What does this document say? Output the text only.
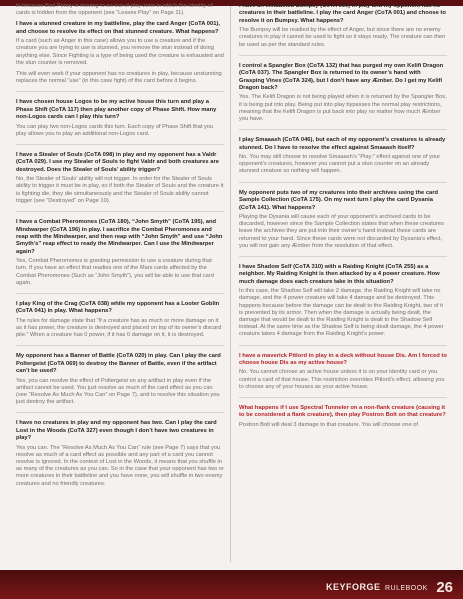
in because Bad Penny is moving to an out-of-play zone in which the identity of cards is hidden from the opponent (see “Leaves Play” on Page 11).
I have a stunned creature in my battleline, play the card Anger (CoTA 001), and choose to resolve its effect on that stunned creature. What happens?
If a card (such as Anger in this case) allows you to use a creature and if the creature you are trying to use is stunned, you remove the stun instead of doing anything else. Since Fighting is a type of being used the creature is exhausted and the stun counter is removed.
This will even work if your opponent has no creatures in play, because unstunning replaces the normal “use” (in this case fight) of the card before it begins.
I have chosen house Logos to be my active house this turn and play a Phase Shift (CoTA 117) then play another copy of Phase Shift. How many non-Logos cards can I play this turn?
You can play two non-Logos cards this turn. Each copy of Phase Shift that you play allows you to play an additional non-Logos card.
I have a Stealer of Souls (CoTA 098) in play and my opponent has a Valdr (CoTA 029). I use my Stealer of Souls to fight Valdr and both creatures are destroyed. Does the Stealer of Souls’ ability trigger?
No, the Stealer of Souls’ ability will not trigger. In order for the Stealer of Souls ability to trigger it must be in play, so if both the Stealer of Souls and the creature it is fighting die, they die simultaneously and the Stealer of Souls ability cannot trigger (see “Destroyed” on Page 10).
I have a Combat Pheromones (CoTA 180), “John Smyth” (CoTA 195), and Mindwarper (CoTA 196) in play. I sacrifice the Combat Pheromones and reap with the Mindwarper, and then reap with “John Smyth” and use “John Smyth’s” reap effect to ready the Mindwarper. Can I use the Mindwarper again?
Yes, Combat Pheromones is granting permission to use a creature during that turn. If you have an effect that readies one of the Mars cards affected by the Combat Pheromones (Such as “John Smyth”), you will be able to use that card again.
I play King of the Crag (CoTA 038) while my opponent has a Looter Goblin (CoTA 041) in play. What happens?
The rules for damage state that “If a creature has as much or more damage on it as it has power, the creature is destroyed and placed on top of its owner’s discard pile.” When a creature has 0 power, if it has 0 damage on it, it is destroyed.
My opponent has a Banner of Battle (CoTA 020) in play. Can I play the card Poltergeist (CoTA 069) to destroy the Banner of Battle, even if the artifact can’t be used?
Yes, you can resolve the effect of Poltergeist on any artifact in play even if the artifact cannot be used. You just resolve as much of the card effect as you can (see “Resolve As Much As You Can” on Page 7), and to resolve this situation you just destroy the artifact.
I have no creatures in play and my opponent has two. Can I play the card Lost in the Woods (CoTA 327) even though I don’t have two creatures in play?
Yes you can. The “Resolve As Much As You Can” rule (see Page 7) says that you resolve as much of a card effect as possible and any part of a card you cannot resolve is ignored. In the context of Lost in the Woods, it means that you shuffle in as many of the creatures as you can. So in the case that your opponent has two or more creatures in their battleline and you have none, you will shuffle in two enemy creatures and no friendly creatures.
I have an exhausted Bumpsy (CoTA 030) in play and my opponent has no creatures in their battleline. I play the card Anger (CoTA 001) and choose to resolve it on Bumpsy. What happens?
The Bumpsy will be readied by the effect of Anger, but since there are no enemy creatures in play it cannot be used to fight so it stays ready. The creature can then be used as per the standard rules.
I control a Spangler Box (CoTA 132) that has purged my own Kelifi Dragon (CoTA 037). The Spangler Box is returned to its owner’s hand with Grasping Vines (CoTA 324), but I don’t have any Æmber. Do I get my Kelifi Dragon back?
Yes. The Kelifi Dragon is not being played when it is returned by the Spangler Box, it is being put into play. Being put into play bypasses the normal play restrictions, meaning that the Kelifi Dragon is put back into play no matter how much Æmber you have.
I play Smaaash (CoTA 046), but each of my opponent’s creatures is already stunned. Do I have to resolve the effect against Smaaash itself?
No. You may still choose to resolve Smaaash’s “Play:” effect against one of your opponent’s creatures, however you cannot put a stun counter on an already stunned creature so nothing will happen.
My opponent puts two of my creatures into their archives using the card Sample Collection (CoTA 175). On my next turn I play the card Dysania (CoTA 141). What happens?
Playing the Dysania will cause each of your opponent’s archived cards to be discarded, however since the Sample Collection states that when these creatures leave the archives they are put into their owner’s hand instead these cards are returned to your hand. Since these cards were not discarded by Dysania’s effect, you will not gain any Æmber from the resolution of that effect.
I have Shadow Self (CoTA 310) with a Raiding Knight (CoTA 255) as a neighbor. My Raiding Knight is then attacked by a 4 power creature. How much damage does each creature take in this situation?
In this case, the Shadow Self will take 2 damage, the Raiding Knight will take no damage, and the 4 power creature will take 4 damage and be destroyed. This happens because before the damage can be dealt to the Raiding Knight, two of it is prevented by its armor. Then when the damage is actually being dealt, the damage that would be dealt to the Raiding Knight is dealt to the Shadow Self instead. At the same time as the Shadow Self is being dealt damage, the 4 power creature takes 4 damage from the Raiding Knight’s power.
I have a maverick Pitlord in play in a deck without house Dis. Am I forced to choose house Dis as my active house?
No. You cannot choose an active house unless it is on your identity card or you control a card of that house. This restriction overrides Pitlord’s effect, allowing you to choose any of your houses as your active house.
What happens if I use Spectral Tunneler on a non-flank creature (causing it to be considered a flank creature), then play Postron Bolt on that creature?
Postron Bolt will deal 3 damage to that creature. You will choose one of
KEYFORGE RULEBOOK 26
